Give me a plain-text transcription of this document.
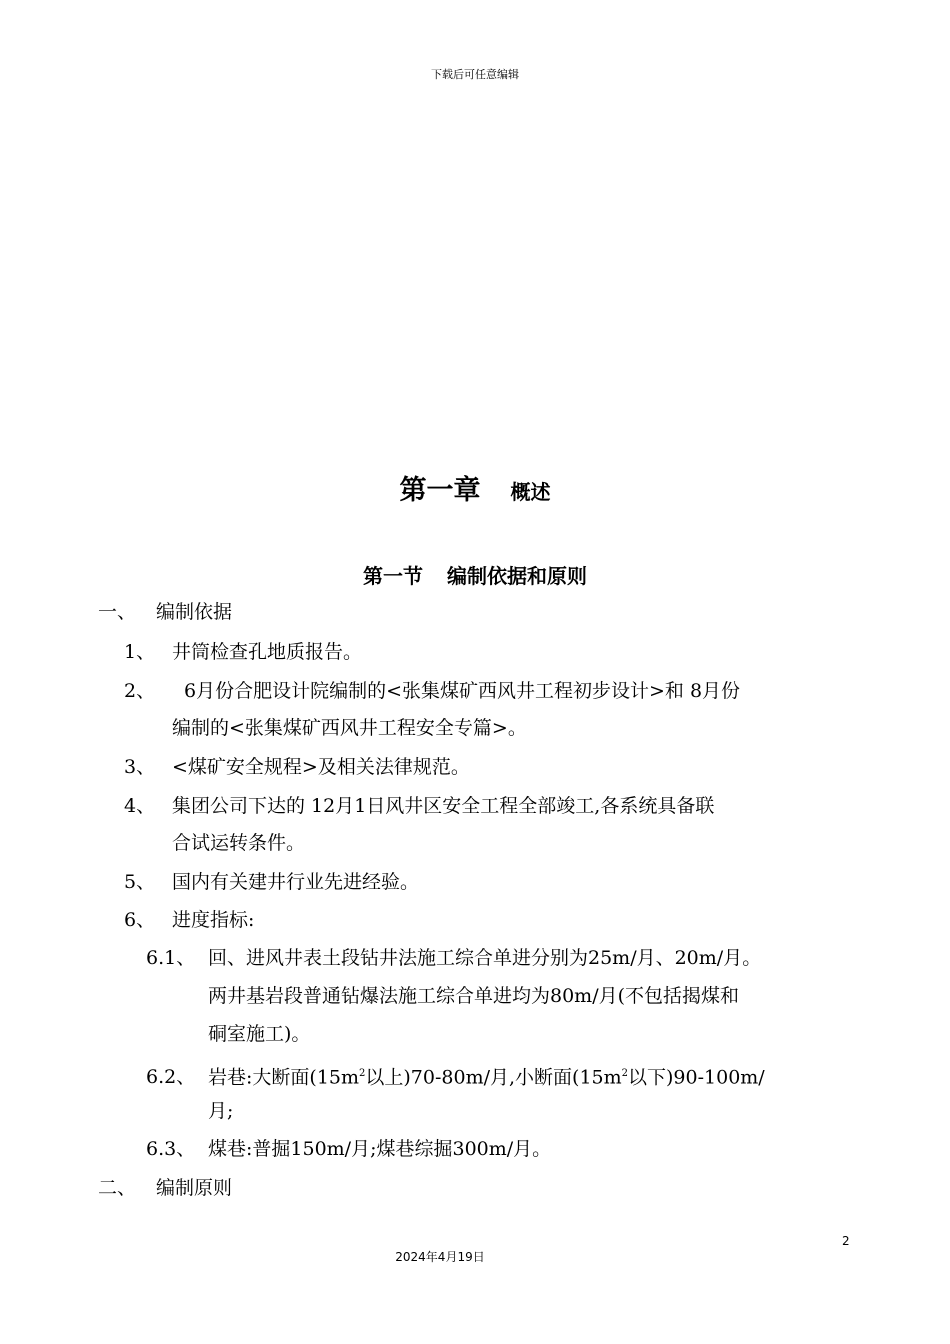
下载后可任意编辑
第一章 概述
第一节 编制依据和原则
一、 编制依据
1、 井筒检查孔地质报告。
2、 6月份合肥设计院编制的<张集煤矿西风井工程初步设计>和 8月份
编制的<张集煤矿西风井工程安全专篇>。
3、 <煤矿安全规程>及相关法律规范。
4、 集团公司下达的 12月1日风井区安全工程全部竣工,各系统具备联
合试运转条件。
5、 国内有关建井行业先进经验。
6、 进度指标:
6.1、 回、进风井表土段钻井法施工综合单进分别为25m/月、20m/月。
两井基岩段普通钻爆法施工综合单进均为80m/月(不包括揭煤和
硐室施工)。
6.2、 岩巷:大断面($15m^2$以上)70-80m/月,小断面($15m^2$以下)90-100m/
月;
6.3、 煤巷:普掘150m/月;煤巷综掘300m/月。
二、 编制原则
2
2024年4月19日
